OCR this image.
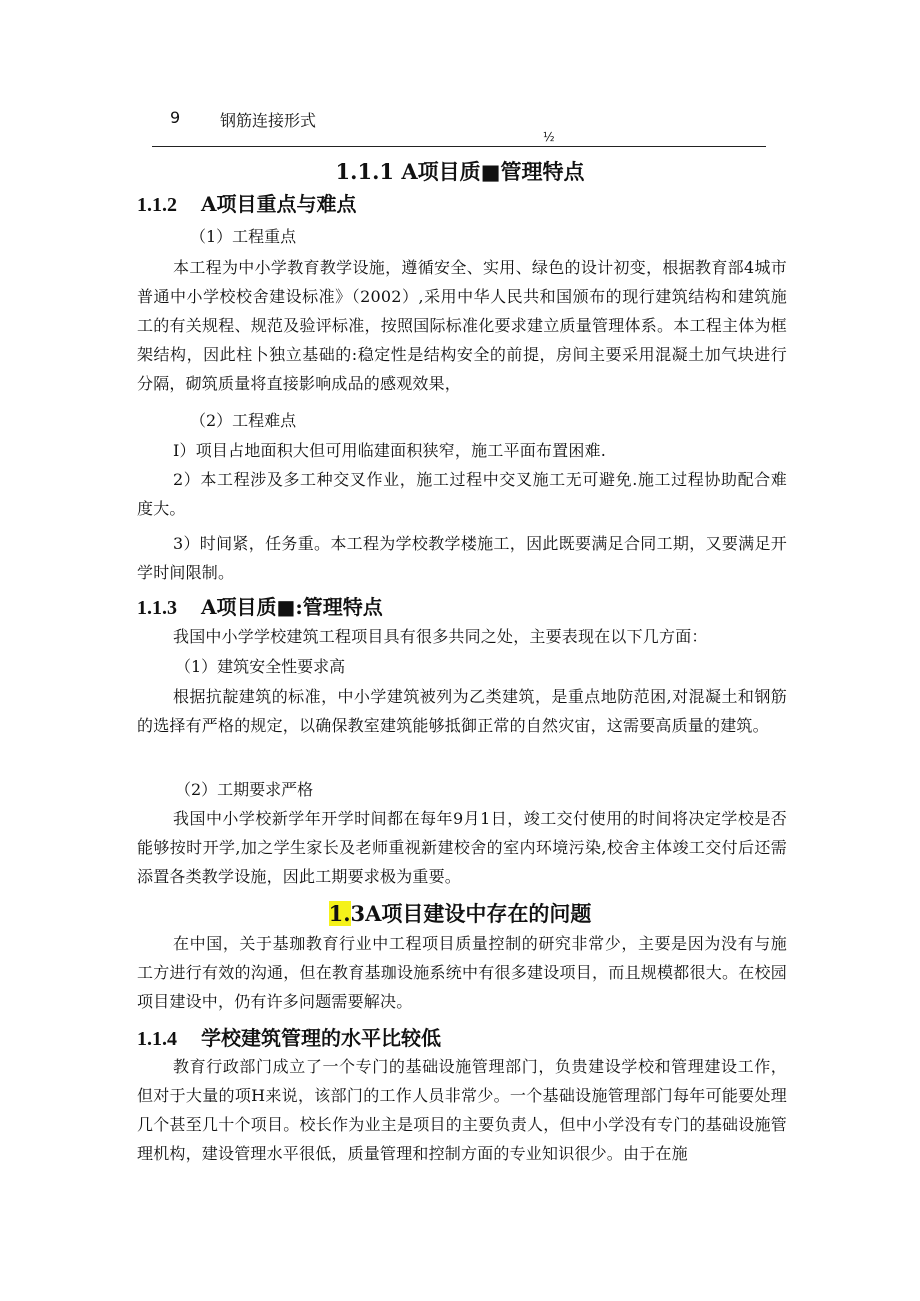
9 钢筋连接形式
½
1.1.1 A项目质■管理特点
1.1.2 A项目重点与难点
（1）工程重点
本工程为中小学教育教学设施，遵循安全、实用、绿色的设计初变，根据教育部4城市普通中小学校校舍建设标准》（2002）,采用中华人民共和国颁布的现行建筑结构和建筑施工的有关规程、规范及验评标准，按照国际标准化要求建立质量管理体系。本工程主体为框架结构，因此柱卜独立基础的:稳定性是结构安全的前提，房间主要采用混凝土加气块进行分隔，砌筑质量将直接影响成品的感观效果，
（2）工程难点
I）项目占地面积大但可用临建面积狭窄，施工平面布置困难.
2）本工程涉及多工种交叉作业，施工过程中交叉施工无可避免.施工过程协助配合难度大。
3）时间紧，任务重。本工程为学校教学楼施工，因此既要满足合同工期，又要满足开学时间限制。
1.1.3 A项目质■:管理特点
我国中小学学校建筑工程项目具有很多共同之处，主要表现在以下几方面：
（1）建筑安全性要求高
根据抗靛建筑的标准，中小学建筑被列为乙类建筑，是重点地防范困,对混凝土和钢筋的选择有严格的规定，以确保教室建筑能够抵御正常的自然灾宙，这需要高质量的建筑。
（2）工期要求严格
我国中小学校新学年开学时间都在每年9月1日，竣工交付使用的时间将决定学校是否能够按时开学,加之学生家长及老师重视新建校舍的室内环境污染,校舍主体竣工交付后还需添置各类教学设施，因此工期要求极为重要。
1.3A项目建设中存在的问题
在中国，关于基珈教育行业中工程项目质量控制的研究非常少，主要是因为没有与施工方进行有效的沟通，但在教育基珈设施系统中有很多建设项目，而且规模都很大。在校园项目建设中，仍有许多问题需要解决。
1.1.4 学校建筑管理的水平比较低
教育行政部门成立了一个专门的基础设施管理部门，负贵建设学校和管理建设工作，但对于大量的项H来说，该部门的工作人员非常少。一个基础设施管理部门每年可能要处理几个甚至几十个项目。校长作为业主是项目的主要负责人，但中小学没有专门的基础设施管理机构，建设管理水平很低，质量管理和控制方面的专业知识很少。由于在施
